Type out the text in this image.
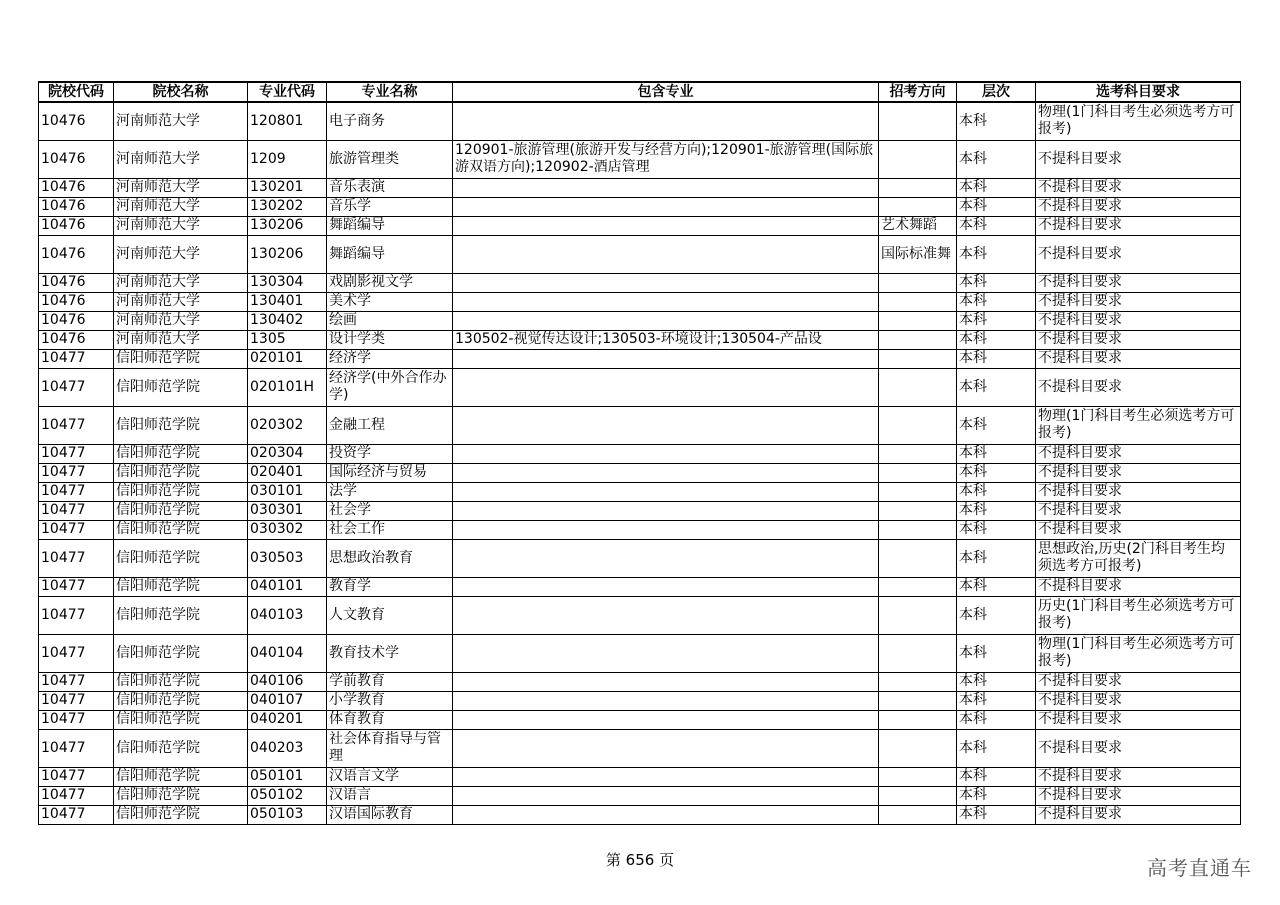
院校代码	院校名称	专业代码	专业名称	包含专业	招考方向	层次	选考科目要求
10476	河南师范大学	120801	电子商务			本科	物理(1门科目考生必须选考方可报考)
10476	河南师范大学	1209	旅游管理类	120901-旅游管理(旅游开发与经营方向);120901-旅游管理(国际旅游双语方向);120902-酒店管理		本科	不提科目要求
10476	河南师范大学	130201	音乐表演			本科	不提科目要求
10476	河南师范大学	130202	音乐学			本科	不提科目要求
10476	河南师范大学	130206	舞蹈编导		艺术舞蹈	本科	不提科目要求
10476	河南师范大学	130206	舞蹈编导		国际标准舞	本科	不提科目要求
10476	河南师范大学	130304	戏剧影视文学			本科	不提科目要求
10476	河南师范大学	130401	美术学			本科	不提科目要求
10476	河南师范大学	130402	绘画			本科	不提科目要求
10476	河南师范大学	1305	设计学类	130502-视觉传达设计;130503-环境设计;130504-产品设		本科	不提科目要求
10477	信阳师范学院	020101	经济学			本科	不提科目要求
10477	信阳师范学院	020101H	经济学(中外合作办学)			本科	不提科目要求
10477	信阳师范学院	020302	金融工程			本科	物理(1门科目考生必须选考方可报考)
10477	信阳师范学院	020304	投资学			本科	不提科目要求
10477	信阳师范学院	020401	国际经济与贸易			本科	不提科目要求
10477	信阳师范学院	030101	法学			本科	不提科目要求
10477	信阳师范学院	030301	社会学			本科	不提科目要求
10477	信阳师范学院	030302	社会工作			本科	不提科目要求
10477	信阳师范学院	030503	思想政治教育			本科	思想政治,历史(2门科目考生均须选考方可报考)
10477	信阳师范学院	040101	教育学			本科	不提科目要求
10477	信阳师范学院	040103	人文教育			本科	历史(1门科目考生必须选考方可报考)
10477	信阳师范学院	040104	教育技术学			本科	物理(1门科目考生必须选考方可报考)
10477	信阳师范学院	040106	学前教育			本科	不提科目要求
10477	信阳师范学院	040107	小学教育			本科	不提科目要求
10477	信阳师范学院	040201	体育教育			本科	不提科目要求
10477	信阳师范学院	040203	社会体育指导与管理			本科	不提科目要求
10477	信阳师范学院	050101	汉语言文学			本科	不提科目要求
10477	信阳师范学院	050102	汉语言			本科	不提科目要求
10477	信阳师范学院	050103	汉语国际教育			本科	不提科目要求
第 656 页	高考直通车
